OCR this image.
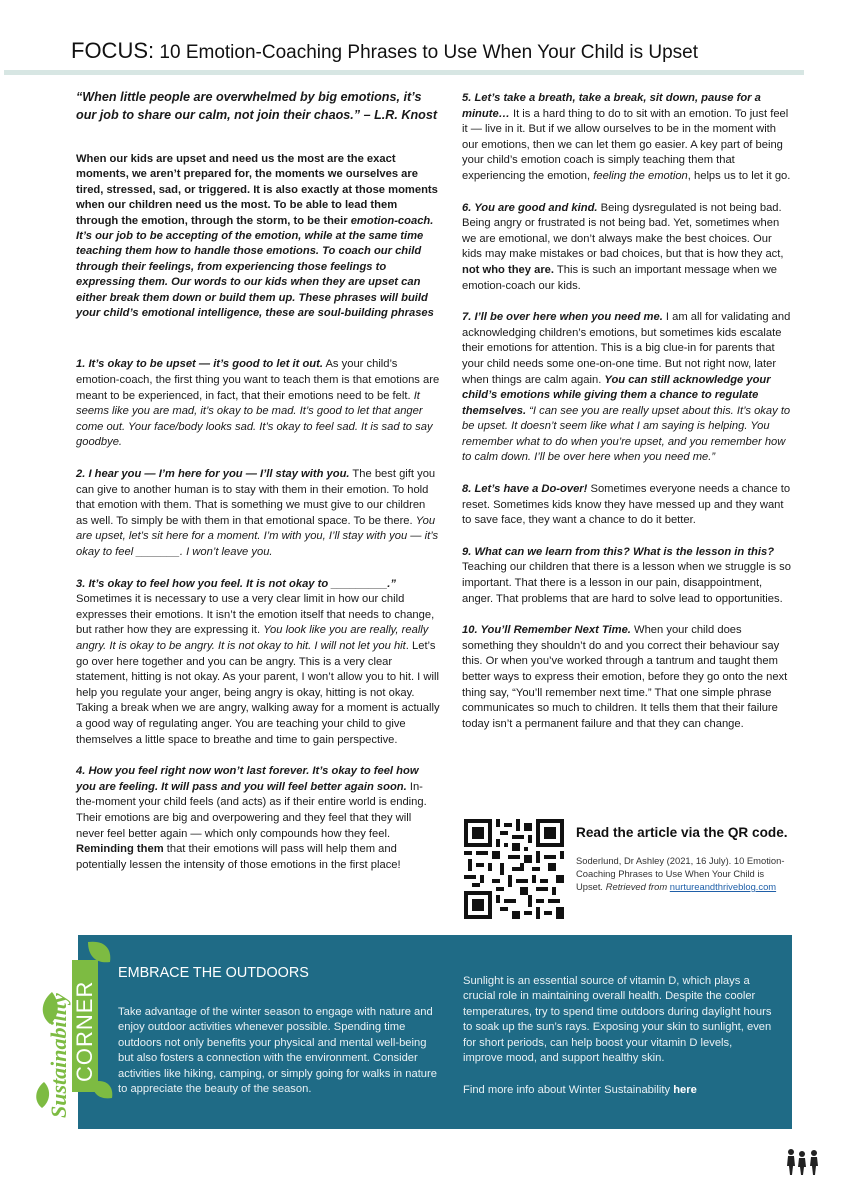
FOCUS: 10 Emotion-Coaching Phrases to Use When Your Child is Upset

“When little people are overwhelmed by big emotions, it’s our job to share our calm, not join their chaos.” – L.R. Knost

When our kids are upset and need us the most are the exact moments, we aren’t prepared for, the moments we ourselves are tired, stressed, sad, or triggered. It is also exactly at those moments when our children need us the most. To be able to lead them through the emotion, through the storm, to be their emotion-coach. It’s our job to be accepting of the emotion, while at the same time teaching them how to handle those emotions. To coach our child through their feelings, from experiencing those feelings to expressing them. Our words to our kids when they are upset can either break them down or build them up. These phrases will build your child’s emotional intelligence, these are soul-building phrases

1. It’s okay to be upset — it’s good to let it out. As your child’s emotion-coach, the first thing you want to teach them is that emotions are meant to be experienced, in fact, that their emotions need to be felt. It seems like you are mad, it’s okay to be mad. It’s good to let that anger come out. Your face/body looks sad. It’s okay to feel sad. It is sad to say goodbye.

2. I hear you — I’m here for you — I’ll stay with you. The best gift you can give to another human is to stay with them in their emotion. To hold that emotion with them. That is something we must give to our children as well. To simply be with them in that emotional space. To be there. You are upset, let’s sit here for a moment. I’m with you, I’ll stay with you — it’s okay to feel _______. I won’t leave you.

3. It’s okay to feel how you feel. It is not okay to _________.” Sometimes it is necessary to use a very clear limit in how our child expresses their emotions. It isn’t the emotion itself that needs to change, but rather how they are expressing it. You look like you are really, really angry. It is okay to be angry. It is not okay to hit. I will not let you hit. Let’s go over here together and you can be angry. This is a very clear statement, hitting is not okay. As your parent, I won’t allow you to hit. I will help you regulate your anger, being angry is okay, hitting is not okay. Taking a break when we are angry, walking away for a moment is actually a good way of regulating anger. You are teaching your child to give themselves a little space to breathe and time to gain perspective.

4. How you feel right now won’t last forever. It’s okay to feel how you are feeling. It will pass and you will feel better again soon. In-the-moment your child feels (and acts) as if their entire world is ending. Their emotions are big and overpowering and they feel that they will never feel better again — which only compounds how they feel. Reminding them that their emotions will pass will help them and potentially lessen the intensity of those emotions in the first place!

5. Let’s take a breath, take a break, sit down, pause for a minute… It is a hard thing to do to sit with an emotion. To just feel it — live in it. But if we allow ourselves to be in the moment with our emotions, then we can let them go easier. A key part of being your child’s emotion coach is simply teaching them that experiencing the emotion, feeling the emotion, helps us to let it go.

6. You are good and kind. Being dysregulated is not being bad. Being angry or frustrated is not being bad. Yet, sometimes when we are emotional, we don’t always make the best choices. Our kids may make mistakes or bad choices, but that is how they act, not who they are. This is such an important message when we emotion-coach our kids.

7. I’ll be over here when you need me. I am all for validating and acknowledging children’s emotions, but sometimes kids escalate their emotions for attention. This is a big clue-in for parents that your child needs some one-on-one time. But not right now, later when things are calm again. You can still acknowledge your child’s emotions while giving them a chance to regulate themselves. “I can see you are really upset about this. It’s okay to be upset. It doesn’t seem like what I am saying is helping. You remember what to do when you’re upset, and you remember how to calm down. I’ll be over here when you need me.”

8. Let’s have a Do-over! Sometimes everyone needs a chance to reset. Sometimes kids know they have messed up and they want to save face, they want a chance to do it better.

9. What can we learn from this? What is the lesson in this? Teaching our children that there is a lesson when we struggle is so important. That there is a lesson in our pain, disappointment, anger. That problems that are hard to solve lead to opportunities.

10. You’ll Remember Next Time. When your child does something they shouldn’t do and you correct their behaviour say this. Or when you’ve worked through a tantrum and taught them better ways to express their emotion, before they go onto the next thing say, “You’ll remember next time.” That one simple phrase communicates so much to children. It tells them that their failure today isn’t a permanent failure and that they can change.

Read the article via the QR code.
Soderlund, Dr Ashley (2021, 16 July). 10 Emotion-Coaching Phrases to Use When Your Child is Upset. Retrieved from nurtureandthriveblog.com
EMBRACE THE OUTDOORS
Take advantage of the winter season to engage with nature and enjoy outdoor activities whenever possible. Spending time outdoors not only benefits your physical and mental well-being but also fosters a connection with the environment. Consider activities like hiking, camping, or simply going for walks in nature to appreciate the beauty of the season.
Sunlight is an essential source of vitamin D, which plays a crucial role in maintaining overall health. Despite the cooler temperatures, try to spend time outdoors during daylight hours to soak up the sun’s rays. Exposing your skin to sunlight, even for short periods, can help boost your vitamin D levels, improve mood, and support healthy skin.
Find more info about Winter Sustainability here
Sustainability CORNER
